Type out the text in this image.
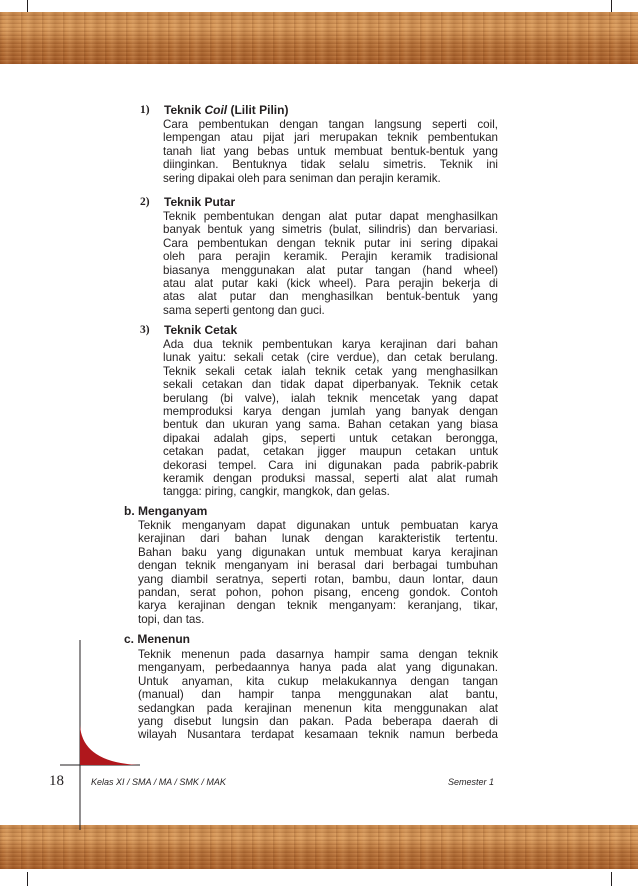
1) Teknik Coil (Lilit Pilin)
Cara pembentukan dengan tangan langsung seperti coil,
lempengan atau pijat jari merupakan teknik pembentukan
tanah liat yang bebas untuk membuat bentuk-bentuk yang
diinginkan. Bentuknya tidak selalu simetris. Teknik ini
sering dipakai oleh para seniman dan perajin keramik.
2) Teknik Putar
Teknik pembentukan dengan alat putar dapat menghasilkan
banyak bentuk yang simetris (bulat, silindris) dan bervariasi.
Cara pembentukan dengan teknik putar ini sering dipakai
oleh para perajin keramik. Perajin keramik tradisional
biasanya menggunakan alat putar tangan (hand wheel)
atau alat putar kaki (kick wheel). Para perajin bekerja di
atas alat putar dan menghasilkan bentuk-bentuk yang
sama seperti gentong dan guci.
3) Teknik Cetak
Ada dua teknik pembentukan karya kerajinan dari bahan
lunak yaitu: sekali cetak (cire verdue), dan cetak berulang.
Teknik sekali cetak ialah teknik cetak yang menghasilkan
sekali cetakan dan tidak dapat diperbanyak. Teknik cetak
berulang (bi valve), ialah teknik mencetak yang dapat
memproduksi karya dengan jumlah yang banyak dengan
bentuk dan ukuran yang sama. Bahan cetakan yang biasa
dipakai adalah gips, seperti untuk cetakan berongga,
cetakan padat, cetakan jigger maupun cetakan untuk
dekorasi tempel. Cara ini digunakan pada pabrik-pabrik
keramik dengan produksi massal, seperti alat alat rumah
tangga: piring, cangkir, mangkok, dan gelas.
b. Menganyam
Teknik menganyam dapat digunakan untuk pembuatan karya
kerajinan dari bahan lunak dengan karakteristik tertentu.
Bahan baku yang digunakan untuk membuat karya kerajinan
dengan teknik menganyam ini berasal dari berbagai tumbuhan
yang diambil seratnya, seperti rotan, bambu, daun lontar, daun
pandan, serat pohon, pohon pisang, enceng gondok. Contoh
karya kerajinan dengan teknik menganyam: keranjang, tikar,
topi, dan tas.
c. Menenun
Teknik menenun pada dasarnya hampir sama dengan teknik
menganyam, perbedaannya hanya pada alat yang digunakan.
Untuk anyaman, kita cukup melakukannya dengan tangan
(manual) dan hampir tanpa menggunakan alat bantu,
sedangkan pada kerajinan menenun kita menggunakan alat
yang disebut lungsin dan pakan. Pada beberapa daerah di
wilayah Nusantara terdapat kesamaan teknik namun berbeda
18	Kelas XI / SMA / MA / SMK / MAK	Semester 1
